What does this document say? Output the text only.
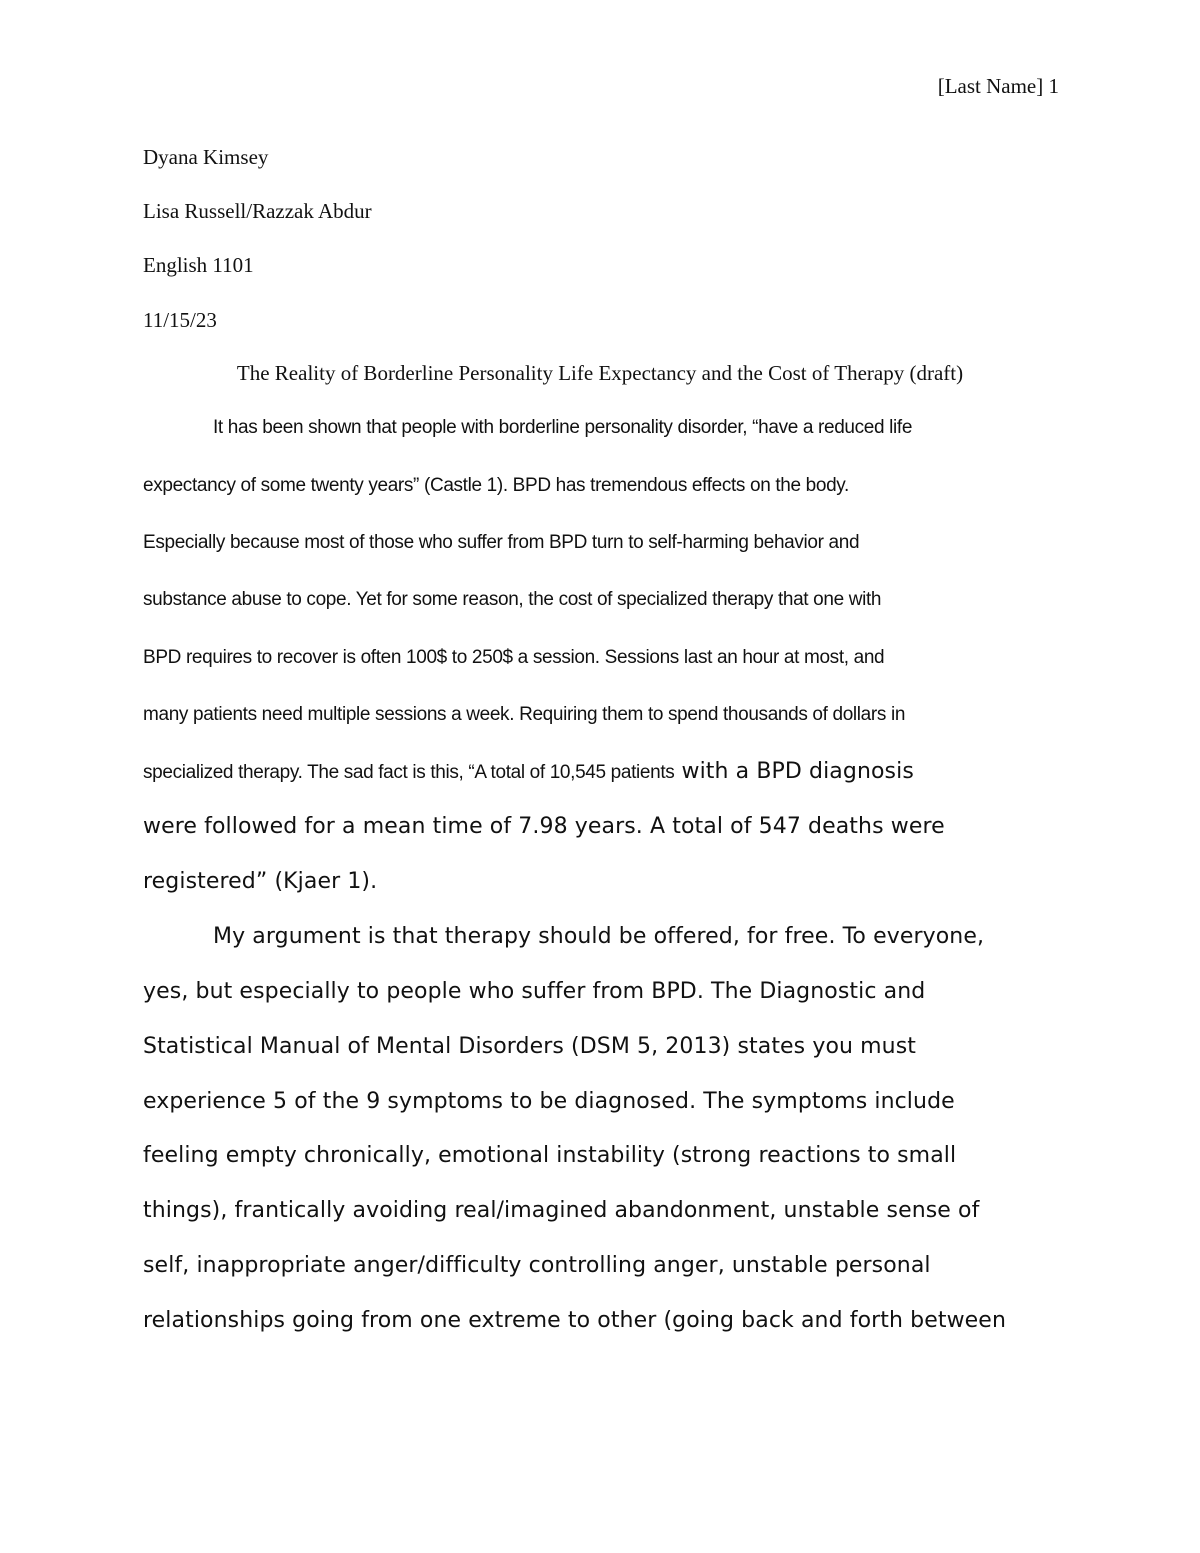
[Last Name] 1
Dyana Kimsey
Lisa Russell/Razzak Abdur
English 1101
11/15/23
The Reality of Borderline Personality Life Expectancy and the Cost of Therapy (draft)
It has been shown that people with borderline personality disorder, “have a reduced life
expectancy of some twenty years” (Castle 1). BPD has tremendous effects on the body.
Especially because most of those who suffer from BPD turn to self-harming behavior and
substance abuse to cope. Yet for some reason, the cost of specialized therapy that one with
BPD requires to recover is often 100$ to 250$ a session. Sessions last an hour at most, and
many patients need multiple sessions a week. Requiring them to spend thousands of dollars in
specialized therapy. The sad fact is this, “A total of 10,545 patients with a BPD diagnosis
were followed for a mean time of 7.98 years. A total of 547 deaths were
registered” (Kjaer 1).
My argument is that therapy should be offered, for free. To everyone,
yes, but especially to people who suffer from BPD. The Diagnostic and
Statistical Manual of Mental Disorders (DSM 5, 2013) states you must
experience 5 of the 9 symptoms to be diagnosed. The symptoms include
feeling empty chronically, emotional instability (strong reactions to small
things), frantically avoiding real/imagined abandonment, unstable sense of
self, inappropriate anger/difficulty controlling anger, unstable personal
relationships going from one extreme to other (going back and forth between
